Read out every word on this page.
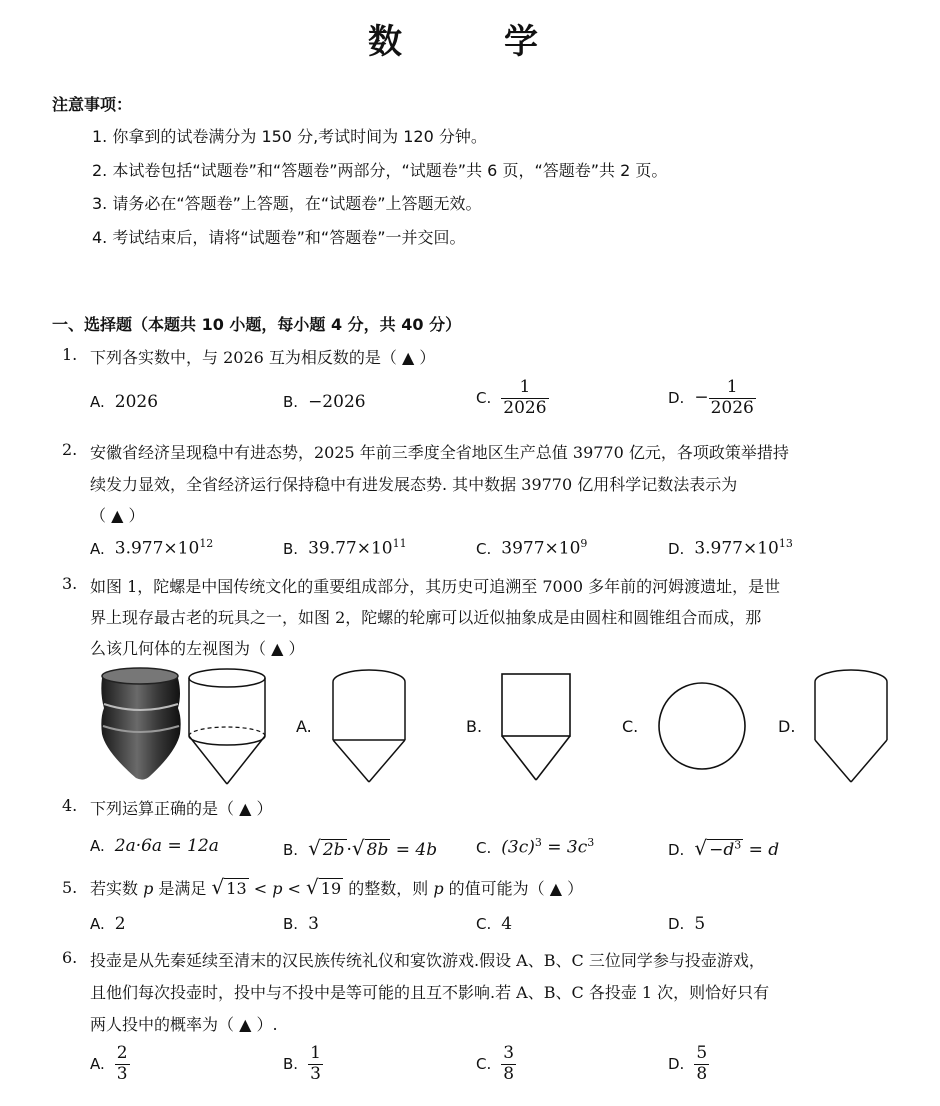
数　学
注意事项：
1. 你拿到的试卷满分为 150 分,考试时间为 120 分钟。
2. 本试卷包括“试题卷”和“答题卷”两部分，“试题卷”共 6 页，“答题卷”共 2 页。
3. 请务必在“答题卷”上答题，在“试题卷”上答题无效。
4. 考试结束后，请将“试题卷”和“答题卷”一并交回。
一、选择题（本题共 10 小题，每小题 4 分，共 40 分）
1. 下列各实数中，与 2026 互为相反数的是（ ▲ ）
A. 2026	B. −2026	C. $\frac{1}{2026}$	D. − $\frac{1}{2026}$
2. 安徽省经济呈现稳中有进态势，2025 年前三季度全省地区生产总值 39770 亿元，各项政策举措持
续发力显效，全省经济运行保持稳中有进发展态势. 其中数据 39770 亿用科学记数法表示为
（ ▲ ）
A. $3.977\times 10^{12}$	B. $39.77\times 10^{11}$	C. $3977\times 10^9$	D. $3.977\times 10^{13}$
3. 如图 1，陀螺是中国传统文化的重要组成部分，其历史可追溯至 7000 多年前的河姆渡遗址，是世
界上现存最古老的玩具之一，如图 2，陀螺的轮廓可以近似抽象成是由圆柱和圆锥组合而成，那
么该几何体的左视图为（ ▲ ）
A.	B.	C.	D.
4. 下列运算正确的是（ ▲ ）
A. 2a·6a = 12a	B. √ 2b ·√ 8b = 4b	C. $(3c)^3 = 3c^3$	D. √ $-d^3 = d$
5. 若实数 p 是满足 √ 13 < p < √ 19 的整数，则 p 的值可能为（ ▲ ）
A. 2	B. 3	C. 4	D. 5
6. 投壶是从先秦延续至清末的汉民族传统礼仪和宴饮游戏.假设 A、B、C 三位同学参与投壶游戏，
且他们每次投壶时，投中与不投中是等可能的且互不影响.若 A、B、C 各投壶 1 次，则恰好只有
两人投中的概率为（ ▲ ）.
A. $\frac{2}{3}$	B. $\frac{1}{3}$	C. $\frac{3}{8}$	D. $\frac{5}{8}$
